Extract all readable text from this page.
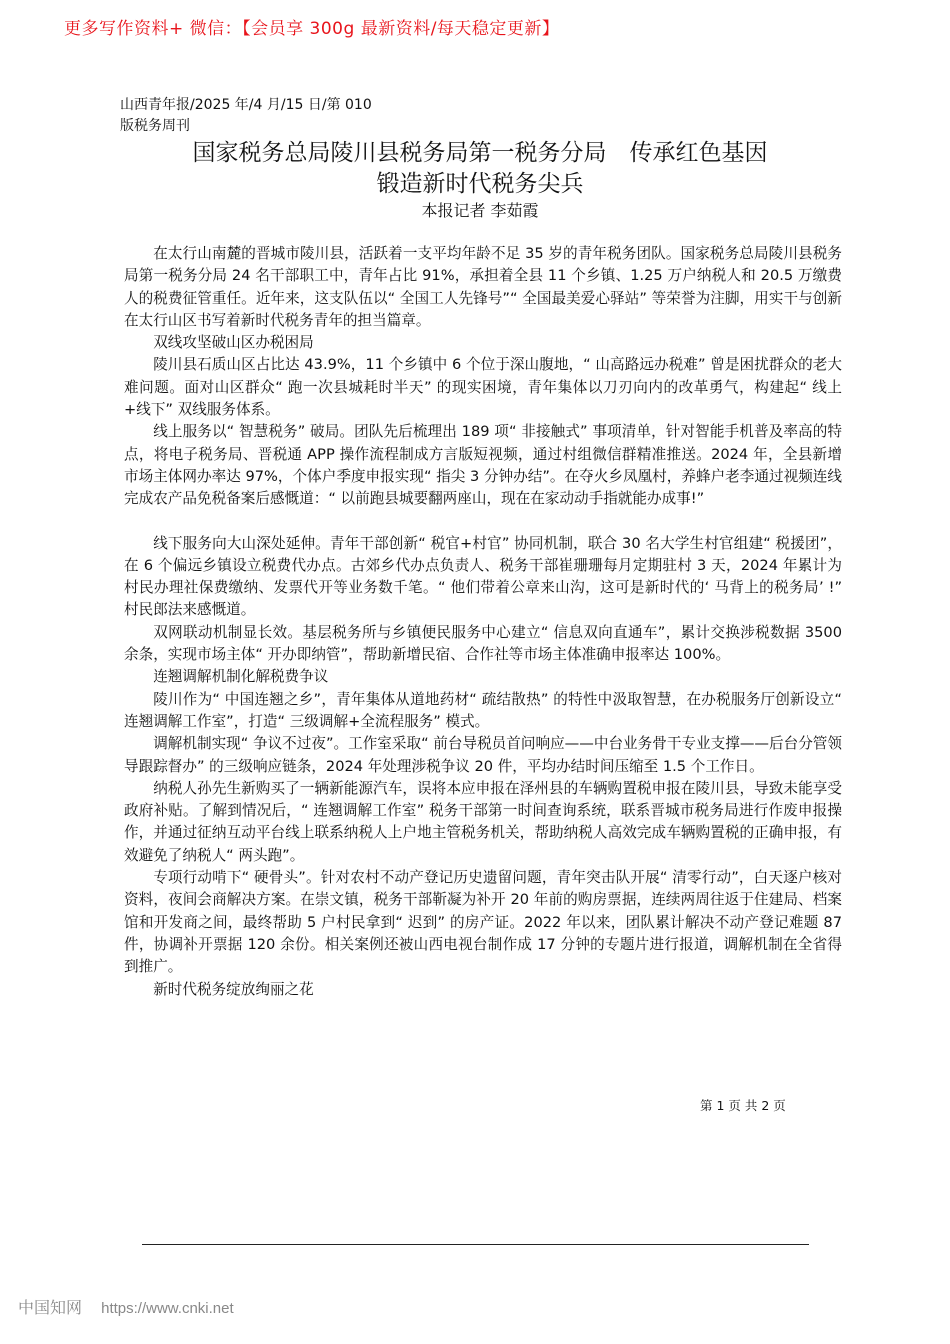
更多写作资料+ 微信：【会员享 300g 最新资料/每天稳定更新】
山西青年报/2025 年/4 月/15 日/第 010
版税务周刊
国家税务总局陵川县税务局第一税务分局　传承红色基因
锻造新时代税务尖兵
本报记者 李茹霞

在太行山南麓的晋城市陵川县，活跃着一支平均年龄不足 35 岁的青年税务团队。国家税务总局陵川县税务局第一税务分局 24 名干部职工中，青年占比 91%，承担着全县 11 个乡镇、1.25 万户纳税人和 20.5 万缴费人的税费征管重任。近年来，这支队伍以“ 全国工人先锋号”“ 全国最美爱心驿站” 等荣誉为注脚，用实干与创新在太行山区书写着新时代税务青年的担当篇章。

双线攻坚破山区办税困局

陵川县石质山区占比达 43.9%，11 个乡镇中 6 个位于深山腹地，“ 山高路远办税难” 曾是困扰群众的老大难问题。面对山区群众“ 跑一次县城耗时半天” 的现实困境，青年集体以刀刃向内的改革勇气，构建起“ 线上+线下” 双线服务体系。

线上服务以“ 智慧税务” 破局。团队先后梳理出 189 项“ 非接触式” 事项清单，针对智能手机普及率高的特点，将电子税务局、晋税通 APP 操作流程制成方言版短视频，通过村组微信群精准推送。2024 年，全县新增市场主体网办率达 97%，个体户季度申报实现“ 指尖 3 分钟办结”。在夺火乡凤凰村，养蜂户老李通过视频连线完成农产品免税备案后感慨道：“ 以前跑县城要翻两座山，现在在家动动手指就能办成事!”

线下服务向大山深处延伸。青年干部创新“ 税官+村官” 协同机制，联合 30 名大学生村官组建“ 税援团”，在 6 个偏远乡镇设立税费代办点。古郊乡代办点负责人、税务干部崔珊珊每月定期驻村 3 天，2024 年累计为村民办理社保费缴纳、发票代开等业务数千笔。“ 他们带着公章来山沟，这可是新时代的‘ 马背上的税务局’ !” 村民郎法来感慨道。

双网联动机制显长效。基层税务所与乡镇便民服务中心建立“ 信息双向直通车”，累计交换涉税数据 3500 余条，实现市场主体“ 开办即纳管”，帮助新增民宿、合作社等市场主体准确申报率达 100%。

连翘调解机制化解税费争议

陵川作为“ 中国连翘之乡”，青年集体从道地药材“ 疏结散热” 的特性中汲取智慧，在办税服务厅创新设立“ 连翘调解工作室”，打造“ 三级调解+全流程服务” 模式。

调解机制实现“ 争议不过夜”。工作室采取“ 前台导税员首问响应——中台业务骨干专业支撑——后台分管领导跟踪督办” 的三级响应链条，2024 年处理涉税争议 20 件，平均办结时间压缩至 1.5 个工作日。

纳税人孙先生新购买了一辆新能源汽车，误将本应申报在泽州县的车辆购置税申报在陵川县，导致未能享受政府补贴。了解到情况后，“ 连翘调解工作室” 税务干部第一时间查询系统，联系晋城市税务局进行作废申报操作，并通过征纳互动平台线上联系纳税人上户地主管税务机关，帮助纳税人高效完成车辆购置税的正确申报，有效避免了纳税人“ 两头跑”。

专项行动啃下“ 硬骨头”。针对农村不动产登记历史遗留问题，青年突击队开展“ 清零行动”，白天逐户核对资料，夜间会商解决方案。在崇文镇，税务干部靳凝为补开 20 年前的购房票据，连续两周往返于住建局、档案馆和开发商之间，最终帮助 5 户村民拿到“ 迟到” 的房产证。2022 年以来，团队累计解决不动产登记难题 87 件，协调补开票据 120 余份。相关案例还被山西电视台制作成 17 分钟的专题片进行报道，调解机制在全省得到推广。

新时代税务绽放绚丽之花

第 1 页 共 2 页
中国知网 https://www.cnki.net
